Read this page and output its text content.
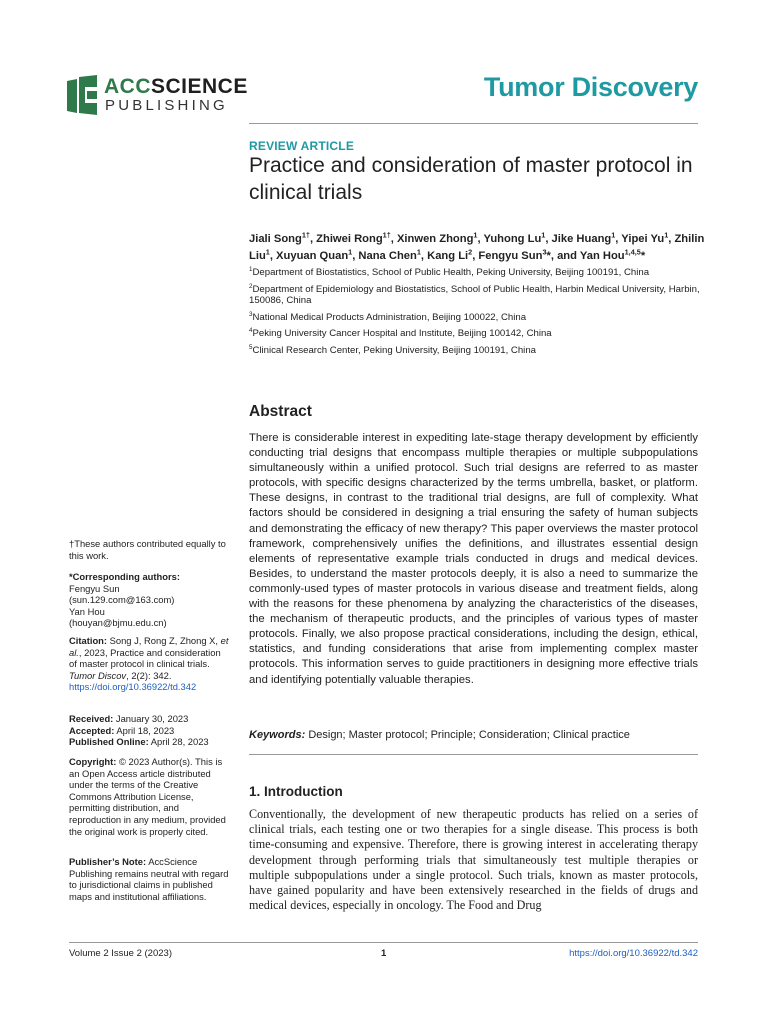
ACCSCIENCE
PUBLISHING
Tumor Discovery
REVIEW ARTICLE
Practice and consideration of master protocol in clinical trials
Jiali Song$^{1\dagger}$, Zhiwei Rong$^{1\dagger}$, Xinwen Zhong$^1$, Yuhong Lu$^1$, Jike Huang$^1$, Yipei Yu$^1$, Zhilin Liu$^1$, Xuyuan Quan$^1$, Nana Chen$^1$, Kang Li$^2$, Fengyu Sun$^3$*, and Yan Hou$^{1,4,5}$*

$^1$Department of Biostatistics, School of Public Health, Peking University, Beijing 100191, China

$^2$Department of Epidemiology and Biostatistics, School of Public Health, Harbin Medical University, Harbin, 150086, China

$^3$National Medical Products Administration, Beijing 100022, China

$^4$Peking University Cancer Hospital and Institute, Beijing 100142, China

$^5$Clinical Research Center, Peking University, Beijing 100191, China

Abstract
There is considerable interest in expediting late-stage therapy development by efficiently conducting trial designs that encompass multiple therapies or multiple subpopulations simultaneously within a unified protocol. Such trial designs are referred to as master protocols, with specific designs characterized by the terms umbrella, basket, or platform. These designs, in contrast to the traditional trial designs, are full of complexity. What factors should be considered in designing a trial ensuring the safety of human subjects and demonstrating the efficacy of new therapy? This paper overviews the master protocol framework, comprehensively unifies the definitions, and illustrates essential design elements of representative example trials conducted in drugs and medical devices. Besides, to understand the master protocols deeply, it is also a need to summarize the commonly-used types of master protocols in various disease and treatment fields, along with the reasons for these phenomena by analyzing the characteristics of the diseases, the mechanism of therapeutic products, and the principles of various types of master protocols. Finally, we also propose practical considerations, including the design, ethical, statistics, and funding considerations that arise from implementing complex master protocols. This information serves to guide practitioners in designing more effective trials and identifying potentially valuable therapies.
Keywords: Design; Master protocol; Principle; Consideration; Clinical practice
1. Introduction
Conventionally, the development of new therapeutic products has relied on a series of clinical trials, each testing one or two therapies for a single disease. This process is both time-consuming and expensive. Therefore, there is growing interest in accelerating therapy development through performing trials that simultaneously test multiple therapies or multiple subpopulations under a single protocol. Such trials, known as master protocols, have gained popularity and have been extensively researched in the fields of drugs and medical devices, especially in oncology. The Food and Drug
†These authors contributed equally to this work.

*Corresponding authors:

Fengyu Sun

(sun.129.com@163.com)

Yan Hou

(houyan@bjmu.edu.cn)

Citation: Song J, Rong Z, Zhong X, et al., 2023, Practice and consideration of master protocol in clinical trials. Tumor Discov, 2(2): 342.

https://doi.org/10.36922/td.342

Received: January 30, 2023

Accepted: April 18, 2023

Published Online: April 28, 2023

Copyright: © 2023 Author(s). This is an Open Access article distributed under the terms of the Creative Commons Attribution License, permitting distribution, and reproduction in any medium, provided the original work is properly cited.

Publisher’s Note: AccScience Publishing remains neutral with regard to jurisdictional claims in published maps and institutional affiliations.

Volume 2 Issue 2 (2023)	1	https://doi.org/10.36922/td.342
